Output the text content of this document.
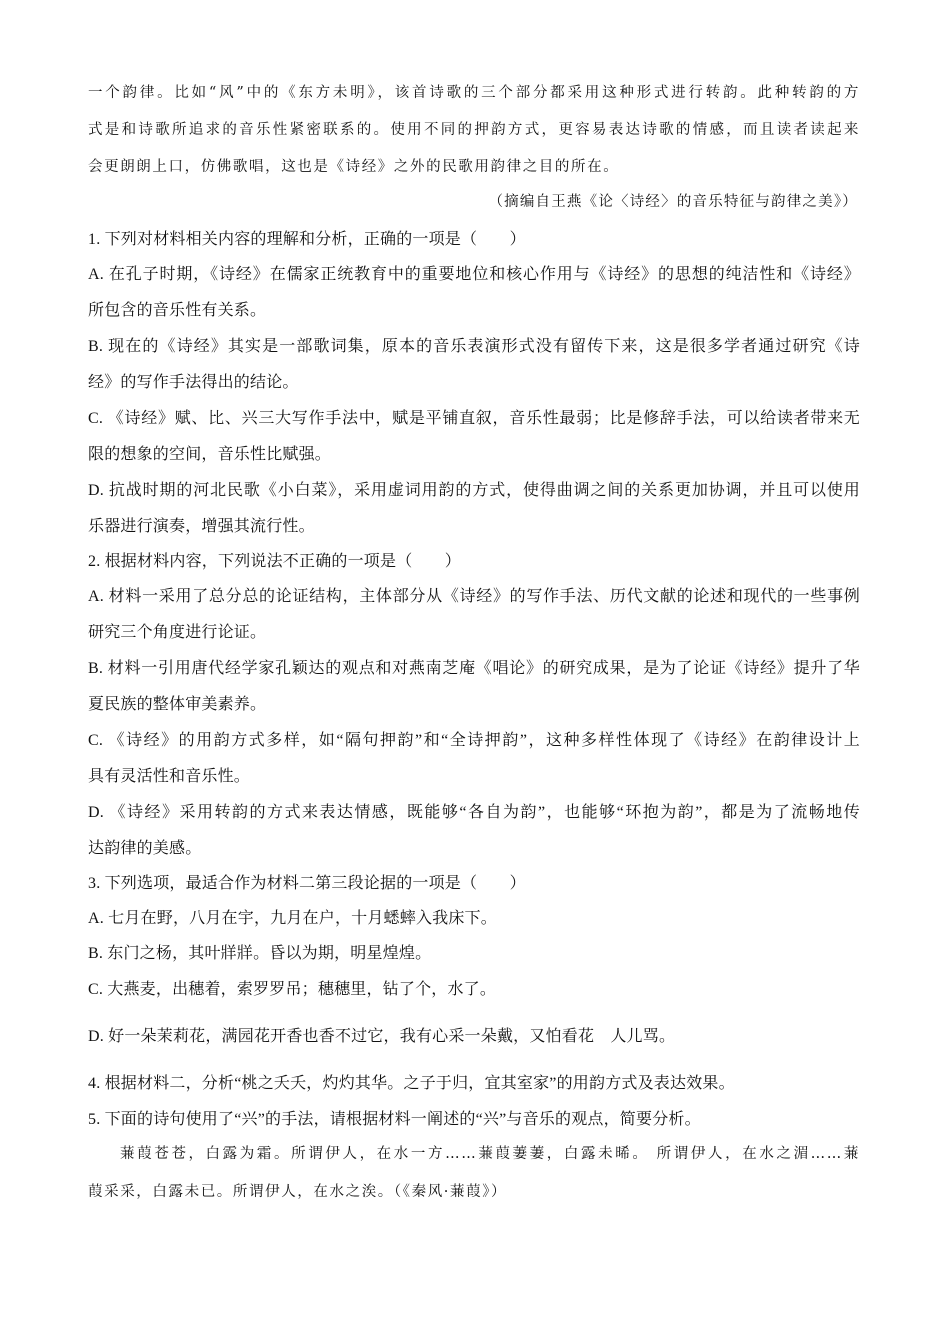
一个韵律。比如“风”中的《东方未明》，该首诗歌的三个部分都采用这种形式进行转韵。此种转韵的方
式是和诗歌所追求的音乐性紧密联系的。使用不同的押韵方式，更容易表达诗歌的情感，而且读者读起来
会更朗朗上口，仿佛歌唱，这也是《诗经》之外的民歌用韵律之目的所在。
（摘编自王燕《论〈诗经〉的音乐特征与韵律之美》）
1. 下列对材料相关内容的理解和分析，正确的一项是（　　）
A. 在孔子时期，《诗经》在儒家正统教育中的重要地位和核心作用与《诗经》的思想的纯洁性和《诗经》
所包含的音乐性有关系。
B. 现在的《诗经》其实是一部歌词集，原本的音乐表演形式没有留传下来，这是很多学者通过研究《诗
经》的写作手法得出的结论。
C. 《诗经》赋、比、兴三大写作手法中，赋是平铺直叙，音乐性最弱；比是修辞手法，可以给读者带来无
限的想象的空间，音乐性比赋强。
D. 抗战时期的河北民歌《小白菜》，采用虚词用韵的方式，使得曲调之间的关系更加协调，并且可以使用
乐器进行演奏，增强其流行性。
2. 根据材料内容，下列说法不正确的一项是（　　）
A. 材料一采用了总分总的论证结构，主体部分从《诗经》的写作手法、历代文献的论述和现代的一些事例
研究三个角度进行论证。
B. 材料一引用唐代经学家孔颖达的观点和对燕南芝庵《唱论》的研究成果，是为了论证《诗经》提升了华
夏民族的整体审美素养。
C. 《诗经》的用韵方式多样，如“隔句押韵”和“全诗押韵”，这种多样性体现了《诗经》在韵律设计上
具有灵活性和音乐性。
D. 《诗经》采用转韵的方式来表达情感，既能够“各自为韵”，也能够“环抱为韵”，都是为了流畅地传
达韵律的美感。
3. 下列选项，最适合作为材料二第三段论据的一项是（　　）
A. 七月在野，八月在宇，九月在户，十月蟋蟀入我床下。
B. 东门之杨，其叶牂牂。昏以为期，明星煌煌。
C. 大燕麦，出穗着，索罗罗吊；穗穗里，钻了个，水了。
D. 好一朵茉莉花，满园花开香也香不过它，我有心采一朵戴，又怕看花　人儿骂。
4. 根据材料二，分析“桃之夭夭，灼灼其华。之子于归，宜其室家”的用韵方式及表达效果。
5. 下面的诗句使用了“兴”的手法，请根据材料一阐述的“兴”与音乐的观点，简要分析。
蒹葭苍苍，白露为霜。所谓伊人，在水一方……蒹葭萋萋，白露未晞。 所谓伊人，在水之湄……蒹
葭采采，白露未已。所谓伊人，在水之涘。（《秦风·蒹葭》）
